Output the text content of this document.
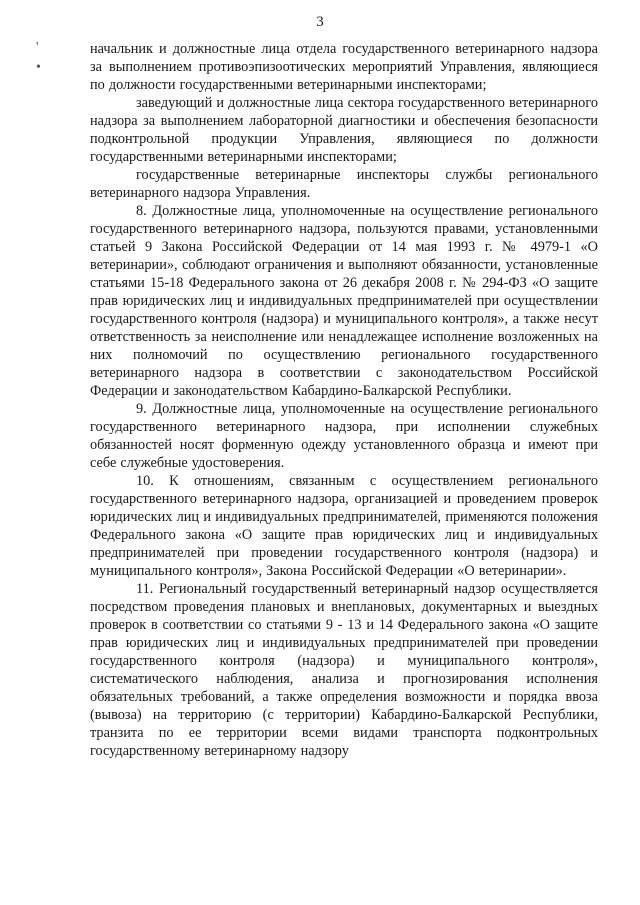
3
'
•

начальник и должностные лица отдела государственного ветеринарного надзора за выполнением противоэпизоотических мероприятий Управления, являющиеся по должности государственными ветеринарными инспекторами;

заведующий и должностные лица сектора государственного ветеринарного надзора за выполнением лабораторной диагностики и обеспечения безопасности подконтрольной продукции Управления, являющиеся по должности государственными ветеринарными инспекторами;

государственные ветеринарные инспекторы службы регионального ветеринарного надзора Управления.

8. Должностные лица, уполномоченные на осуществление регионального государственного ветеринарного надзора, пользуются правами, установленными статьей 9 Закона Российской Федерации от 14 мая 1993 г. № 4979-1 «О ветеринарии», соблюдают ограничения и выполняют обязанности, установленные статьями 15-18 Федерального закона от 26 декабря 2008 г. № 294-ФЗ «О защите прав юридических лиц и индивидуальных предпринимателей при осуществлении государственного контроля (надзора) и муниципального контроля», а также несут ответственность за неисполнение или ненадлежащее исполнение возложенных на них полномочий по осуществлению регионального государственного ветеринарного надзора в соответствии с законодательством Российской Федерации и законодательством Кабардино-Балкарской Республики.

9. Должностные лица, уполномоченные на осуществление регионального государственного ветеринарного надзора, при исполнении служебных обязанностей носят форменную одежду установленного образца и имеют при себе служебные удостоверения.

10. К отношениям, связанным с осуществлением регионального государственного ветеринарного надзора, организацией и проведением проверок юридических лиц и индивидуальных предпринимателей, применяются положения Федерального закона «О защите прав юридических лиц и индивидуальных предпринимателей при проведении государственного контроля (надзора) и муниципального контроля», Закона Российской Федерации «О ветеринарии».

11. Региональный государственный ветеринарный надзор осуществляется посредством проведения плановых и внеплановых, документарных и выездных проверок в соответствии со статьями 9 - 13 и 14 Федерального закона «О защите прав юридических лиц и индивидуальных предпринимателей при проведении государственного контроля (надзора) и муниципального контроля», систематического наблюдения, анализа и прогнозирования исполнения обязательных требований, а также определения возможности и порядка ввоза (вывоза) на территорию (с территории) Кабардино-Балкарской Республики, транзита по ее территории всеми видами транспорта подконтрольных государственному ветеринарному надзору
